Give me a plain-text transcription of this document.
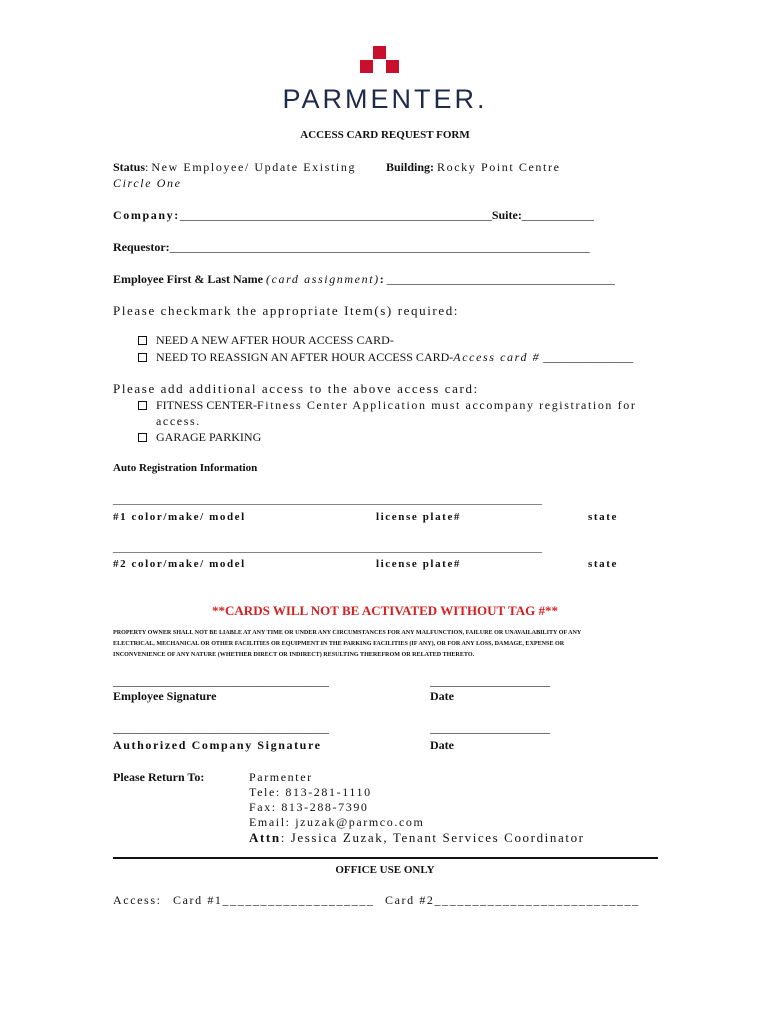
PARMENTER.
ACCESS CARD REQUEST FORM
Status: New Employee/ Update Existing
Circle One
Building: Rocky Point Centre
Company:____________________________________________________Suite:____________
Requestor:______________________________________________________________________
Employee First & Last Name (card assignment): ______________________________________
Please checkmark the appropriate Item(s) required:
NEED A NEW AFTER HOUR ACCESS CARD-
NEED TO REASSIGN AN AFTER HOUR ACCESS CARD-Access card # _______________
Please add additional access to the above access card:
FITNESS CENTER-Fitness Center Application must accompany registration for
access.
GARAGE PARKING
Auto Registration Information
______________________________________________________________________________
#1 color/make/ model	license plate#	state
______________________________________________________________________________
#2 color/make/ model	license plate#	state
**CARDS WILL NOT BE ACTIVATED WITHOUT TAG #**
PROPERTY OWNER SHALL NOT BE LIABLE AT ANY TIME OR UNDER ANY CIRCUMSTANCES FOR ANY MALFUNCTION, FAILURE OR UNAVAILABILITY OF ANY
ELECTRICAL, MECHANICAL OR OTHER FACILITIES OR EQUIPMENT IN THE PARKING FACILITIES (IF ANY), OR FOR ANY LOSS, DAMAGE, EXPENSE OR
INCONVENIENCE OF ANY NATURE (WHETHER DIRECT OR INDIRECT) RESULTING THEREFROM OR RELATED THERETO.
____________________________________	____________________
Employee Signature	Date
____________________________________	____________________
Authorized Company Signature	Date
Please Return To:	Parmenter
Tele: 813-281-1110
Fax: 813-288-7390
Email: jzuzak@parmco.com
Attn: Jessica Zuzak, Tenant Services Coordinator
OFFICE USE ONLY
Access: Card #1____________________ Card #2___________________________
